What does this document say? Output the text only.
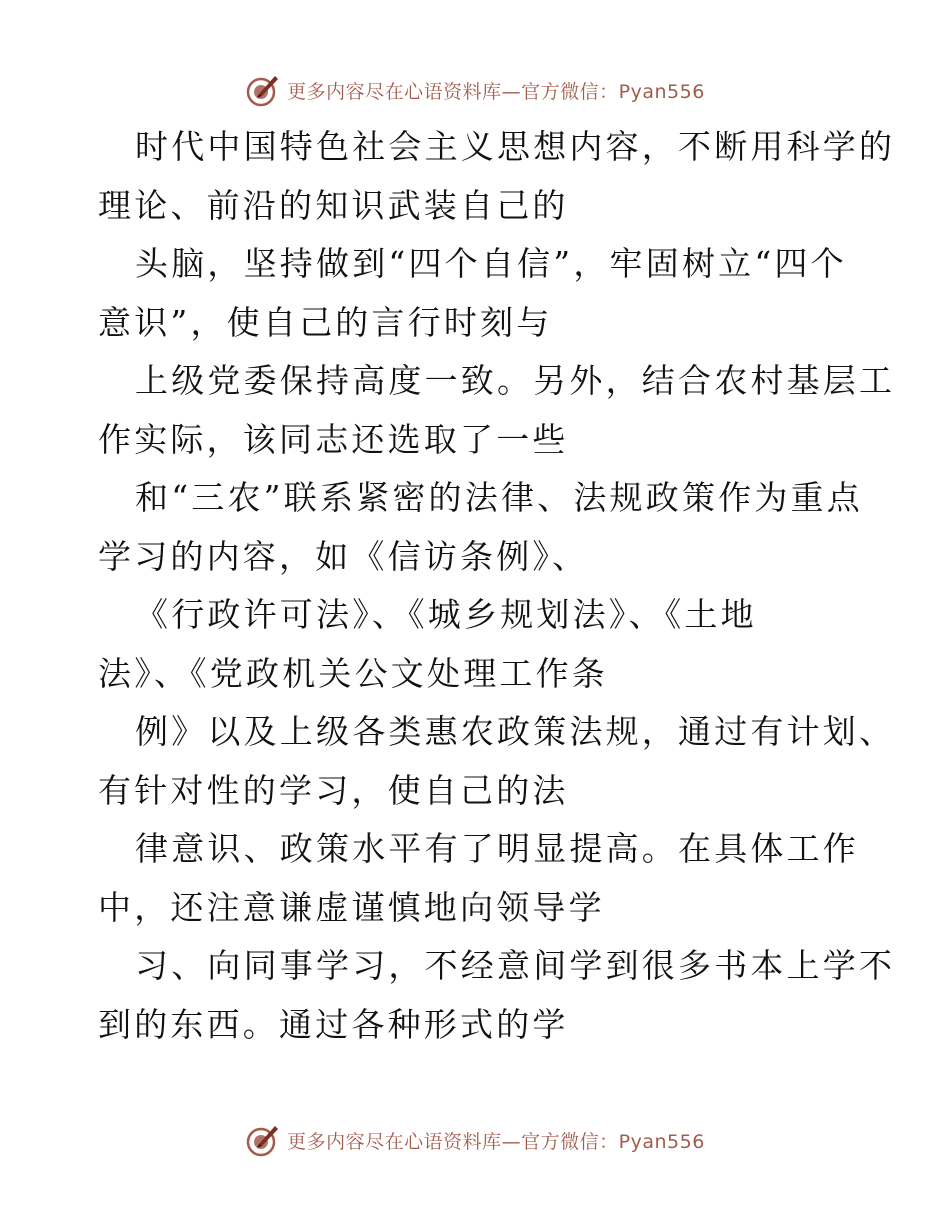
更多内容尽在心语资料库—官方微信：Pyan556

时代中国特色社会主义思想内容，不断用科学的

理论、前沿的知识武装自己的

头脑，坚持做到“四个自信”，牢固树立“四个

意识”，使自己的言行时刻与

上级党委保持高度一致。另外，结合农村基层工

作实际，该同志还选取了一些

和“三农”联系紧密的法律、法规政策作为重点

学习的内容，如《信访条例》、

《行政许可法》、《城乡规划法》、《土地

法》、《党政机关公文处理工作条

例》以及上级各类惠农政策法规，通过有计划、

有针对性的学习，使自己的法

律意识、政策水平有了明显提高。在具体工作

中，还注意谦虚谨慎地向领导学

习、向同事学习，不经意间学到很多书本上学不

到的东西。通过各种形式的学

更多内容尽在心语资料库—官方微信：Pyan556
